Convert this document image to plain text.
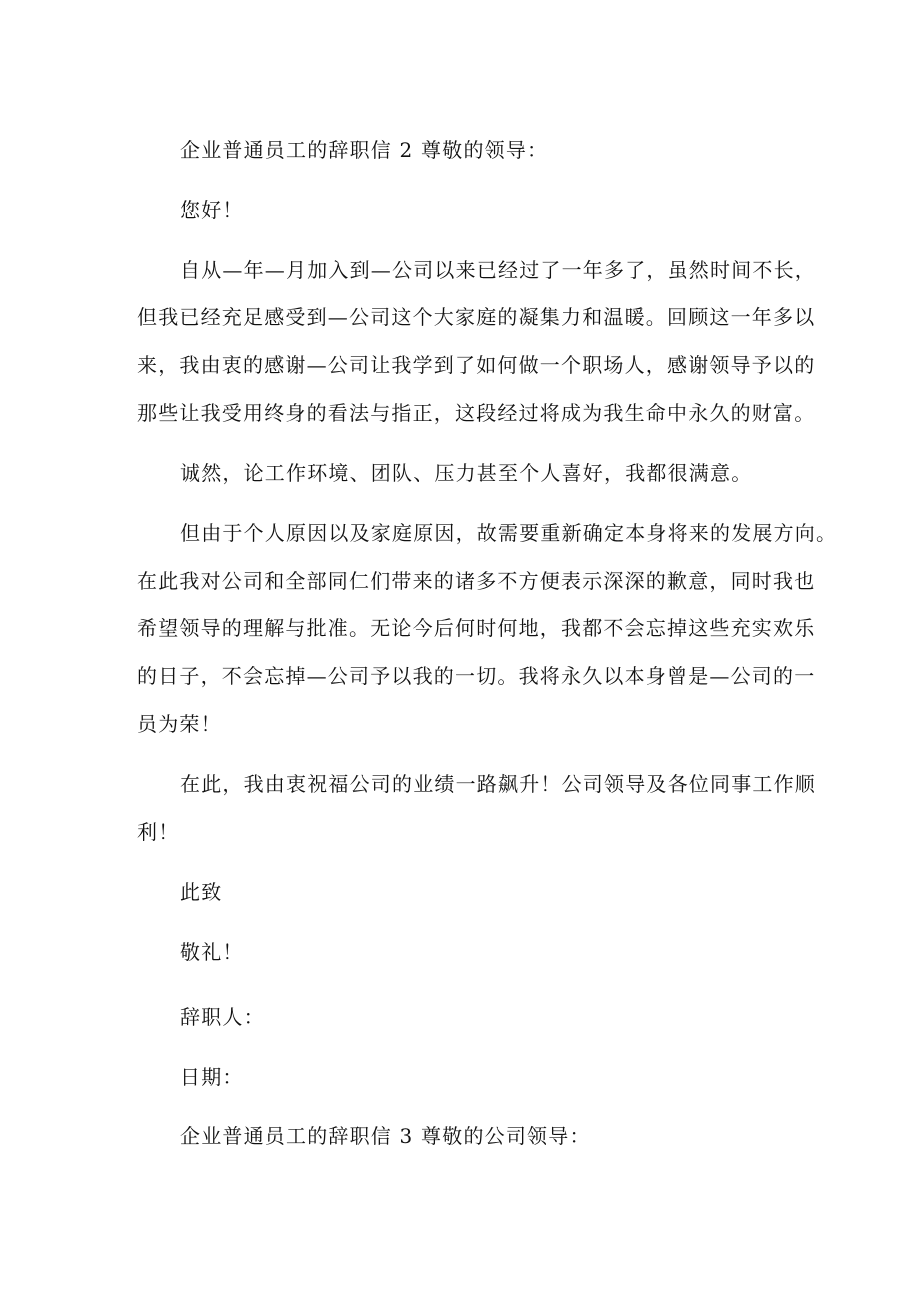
企业普通员工的辞职信 2 尊敬的领导：
您好！
自从—年—月加入到—公司以来已经过了一年多了，虽然时间不长，
但我已经充足感受到—公司这个大家庭的凝集力和温暖。回顾这一年多以
来，我由衷的感谢—公司让我学到了如何做一个职场人，感谢领导予以的
那些让我受用终身的看法与指正，这段经过将成为我生命中永久的财富。
诚然，论工作环境、团队、压力甚至个人喜好，我都很满意。
但由于个人原因以及家庭原因，故需要重新确定本身将来的发展方向。
在此我对公司和全部同仁们带来的诸多不方便表示深深的歉意，同时我也
希望领导的理解与批准。无论今后何时何地，我都不会忘掉这些充实欢乐
的日子，不会忘掉—公司予以我的一切。我将永久以本身曾是—公司的一
员为荣！
在此，我由衷祝福公司的业绩一路飙升！公司领导及各位同事工作顺
利！
此致
敬礼！
辞职人：
日期：
企业普通员工的辞职信 3 尊敬的公司领导：
